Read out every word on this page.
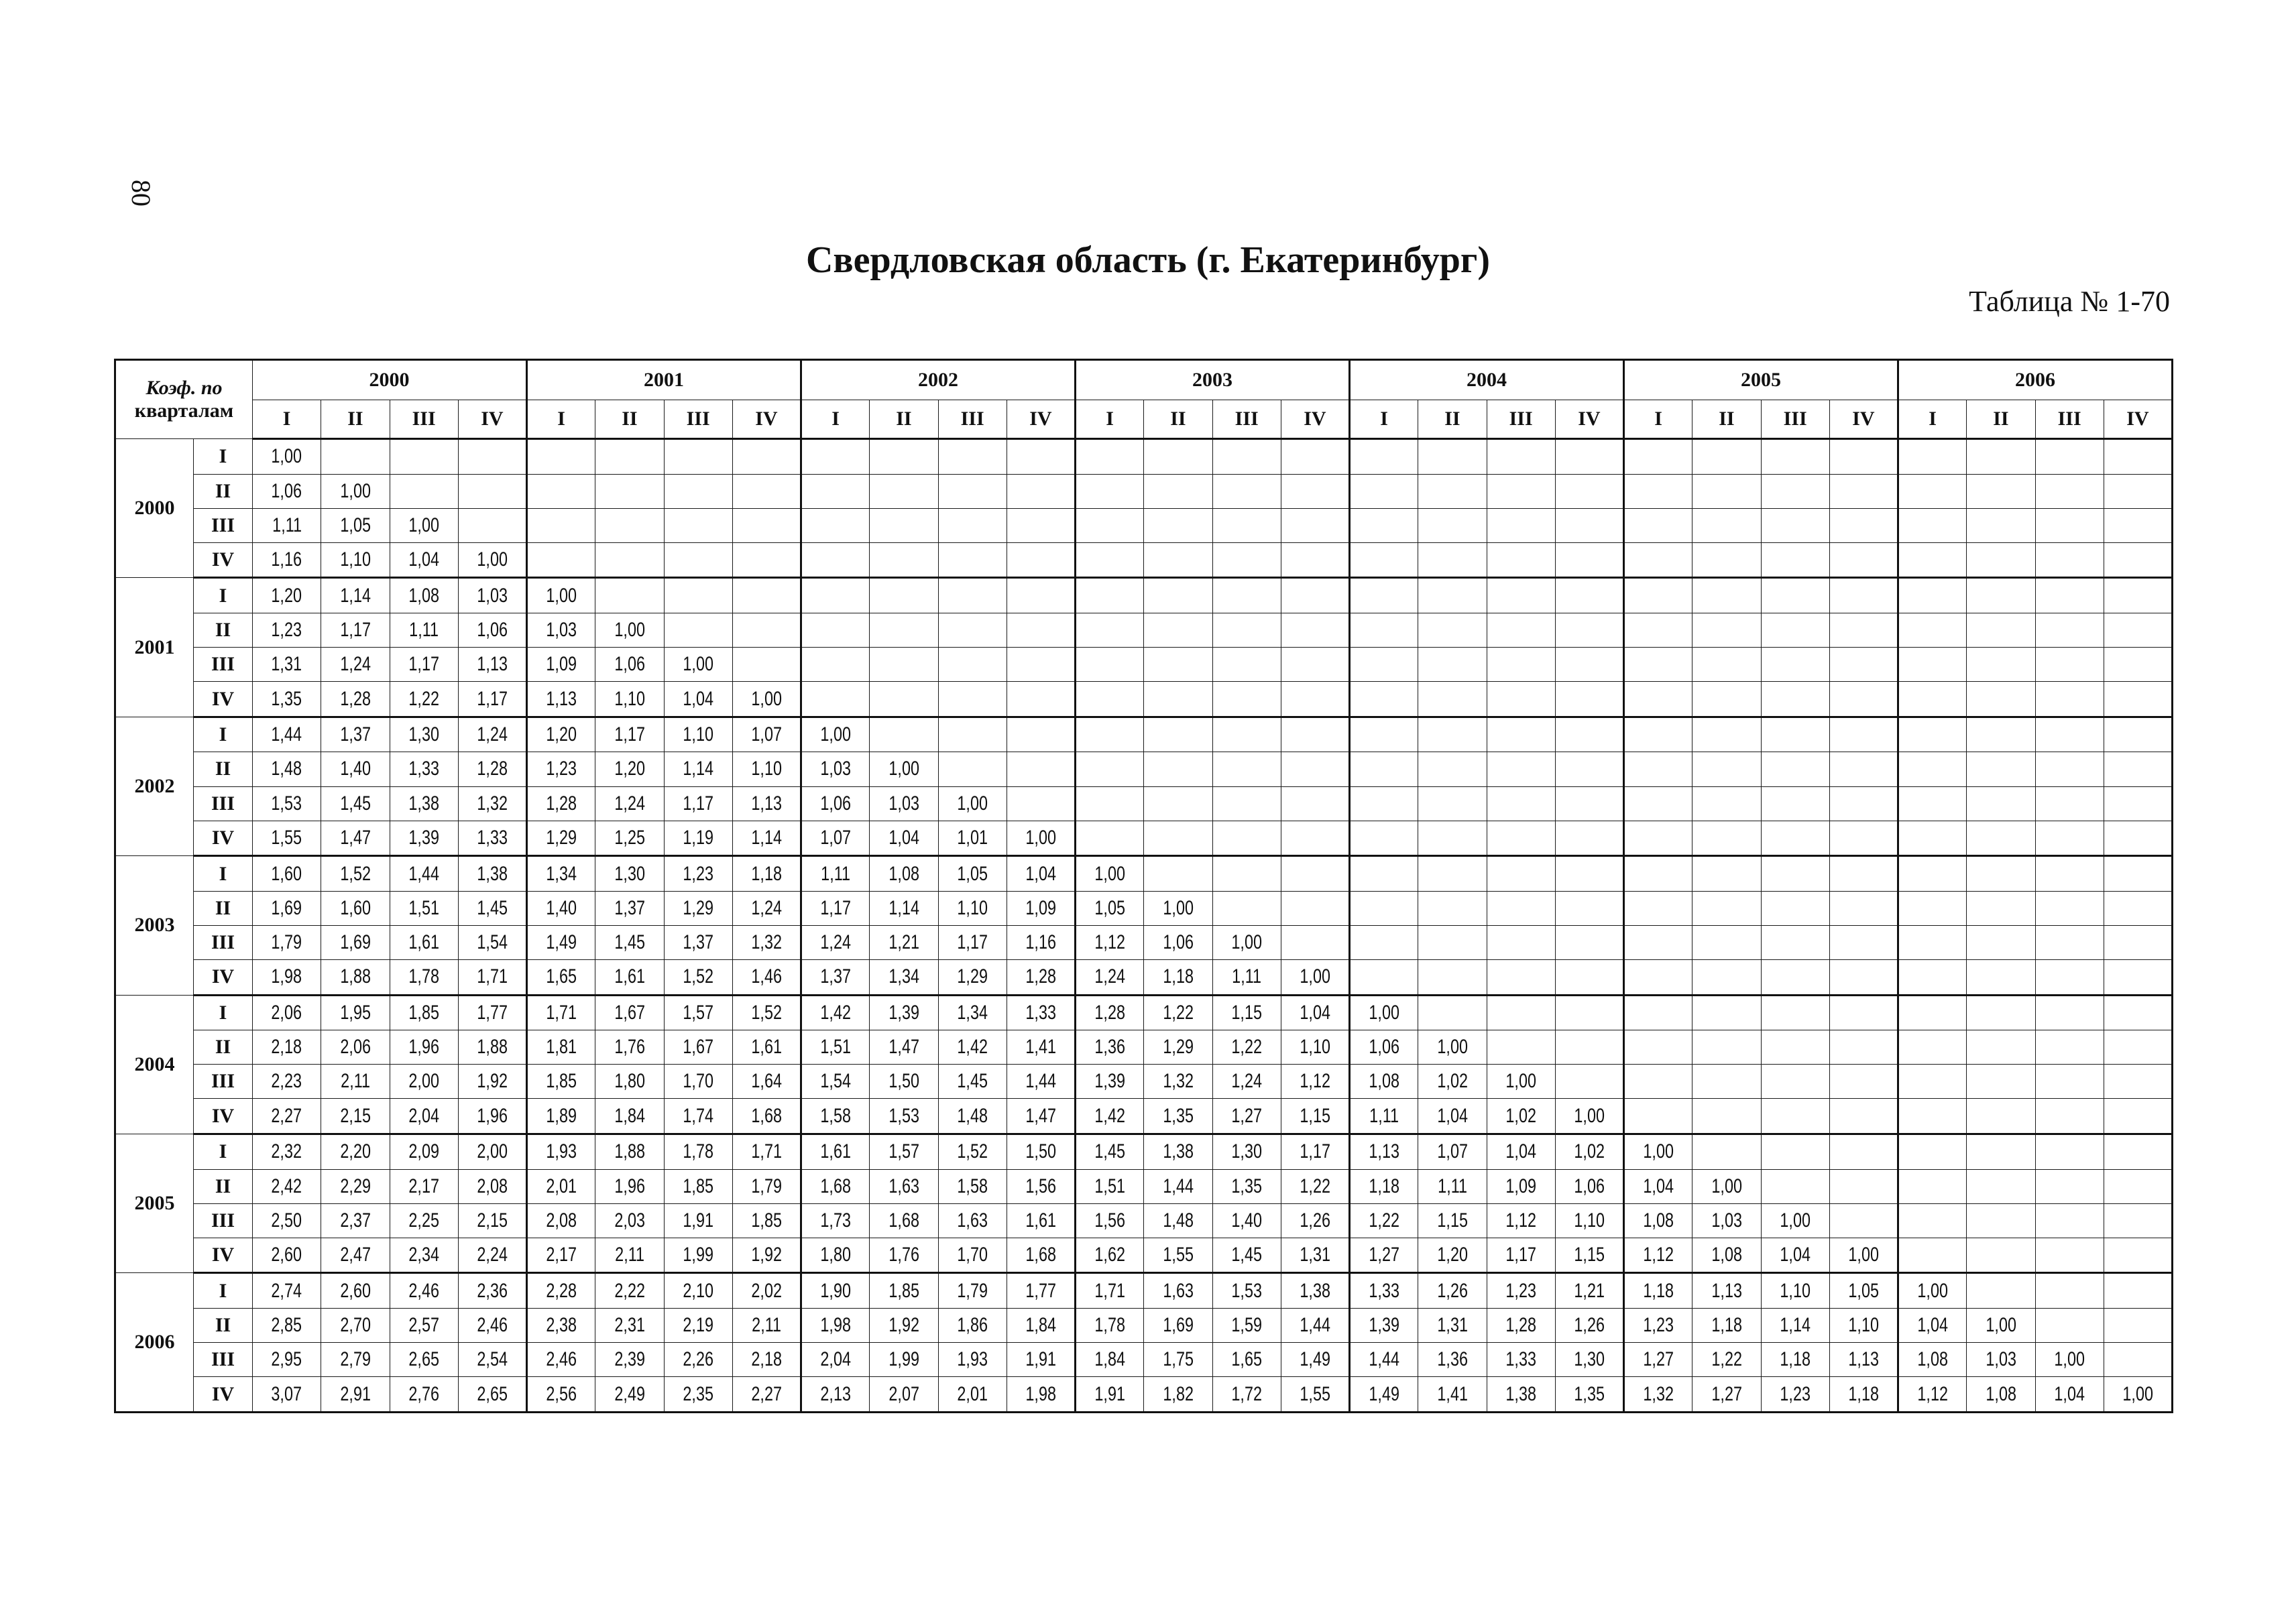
80
Свердловская область (г. Екатеринбург)
Таблица № 1-70
Коэф. по
кварталам		2000				2001				2002				2003				2004				2005				2006			
		I	II	III	IV	I	II	III	IV	I	II	III	IV	I	II	III	IV	I	II	III	IV	I	II	III	IV	I	II	III	IV
2000	I	1,00																											
	II	1,06	1,00																										
	III	1,11	1,05	1,00																									
	IV	1,16	1,10	1,04	1,00																								
2001	I	1,20	1,14	1,08	1,03	1,00																							
	II	1,23	1,17	1,11	1,06	1,03	1,00																						
	III	1,31	1,24	1,17	1,13	1,09	1,06	1,00																					
	IV	1,35	1,28	1,22	1,17	1,13	1,10	1,04	1,00																				
2002	I	1,44	1,37	1,30	1,24	1,20	1,17	1,10	1,07	1,00																			
	II	1,48	1,40	1,33	1,28	1,23	1,20	1,14	1,10	1,03	1,00																		
	III	1,53	1,45	1,38	1,32	1,28	1,24	1,17	1,13	1,06	1,03	1,00																	
	IV	1,55	1,47	1,39	1,33	1,29	1,25	1,19	1,14	1,07	1,04	1,01	1,00																
2003	I	1,60	1,52	1,44	1,38	1,34	1,30	1,23	1,18	1,11	1,08	1,05	1,04	1,00															
	II	1,69	1,60	1,51	1,45	1,40	1,37	1,29	1,24	1,17	1,14	1,10	1,09	1,05	1,00														
	III	1,79	1,69	1,61	1,54	1,49	1,45	1,37	1,32	1,24	1,21	1,17	1,16	1,12	1,06	1,00													
	IV	1,98	1,88	1,78	1,71	1,65	1,61	1,52	1,46	1,37	1,34	1,29	1,28	1,24	1,18	1,11	1,00												
2004	I	2,06	1,95	1,85	1,77	1,71	1,67	1,57	1,52	1,42	1,39	1,34	1,33	1,28	1,22	1,15	1,04	1,00											
	II	2,18	2,06	1,96	1,88	1,81	1,76	1,67	1,61	1,51	1,47	1,42	1,41	1,36	1,29	1,22	1,10	1,06	1,00										
	III	2,23	2,11	2,00	1,92	1,85	1,80	1,70	1,64	1,54	1,50	1,45	1,44	1,39	1,32	1,24	1,12	1,08	1,02	1,00									
	IV	2,27	2,15	2,04	1,96	1,89	1,84	1,74	1,68	1,58	1,53	1,48	1,47	1,42	1,35	1,27	1,15	1,11	1,04	1,02	1,00								
2005	I	2,32	2,20	2,09	2,00	1,93	1,88	1,78	1,71	1,61	1,57	1,52	1,50	1,45	1,38	1,30	1,17	1,13	1,07	1,04	1,02	1,00							
	II	2,42	2,29	2,17	2,08	2,01	1,96	1,85	1,79	1,68	1,63	1,58	1,56	1,51	1,44	1,35	1,22	1,18	1,11	1,09	1,06	1,04	1,00						
	III	2,50	2,37	2,25	2,15	2,08	2,03	1,91	1,85	1,73	1,68	1,63	1,61	1,56	1,48	1,40	1,26	1,22	1,15	1,12	1,10	1,08	1,03	1,00					
	IV	2,60	2,47	2,34	2,24	2,17	2,11	1,99	1,92	1,80	1,76	1,70	1,68	1,62	1,55	1,45	1,31	1,27	1,20	1,17	1,15	1,12	1,08	1,04	1,00				
2006	I	2,74	2,60	2,46	2,36	2,28	2,22	2,10	2,02	1,90	1,85	1,79	1,77	1,71	1,63	1,53	1,38	1,33	1,26	1,23	1,21	1,18	1,13	1,10	1,05	1,00			
	II	2,85	2,70	2,57	2,46	2,38	2,31	2,19	2,11	1,98	1,92	1,86	1,84	1,78	1,69	1,59	1,44	1,39	1,31	1,28	1,26	1,23	1,18	1,14	1,10	1,04	1,00		
	III	2,95	2,79	2,65	2,54	2,46	2,39	2,26	2,18	2,04	1,99	1,93	1,91	1,84	1,75	1,65	1,49	1,44	1,36	1,33	1,30	1,27	1,22	1,18	1,13	1,08	1,03	1,00	
	IV	3,07	2,91	2,76	2,65	2,56	2,49	2,35	2,27	2,13	2,07	2,01	1,98	1,91	1,82	1,72	1,55	1,49	1,41	1,38	1,35	1,32	1,27	1,23	1,18	1,12	1,08	1,04	1,00
